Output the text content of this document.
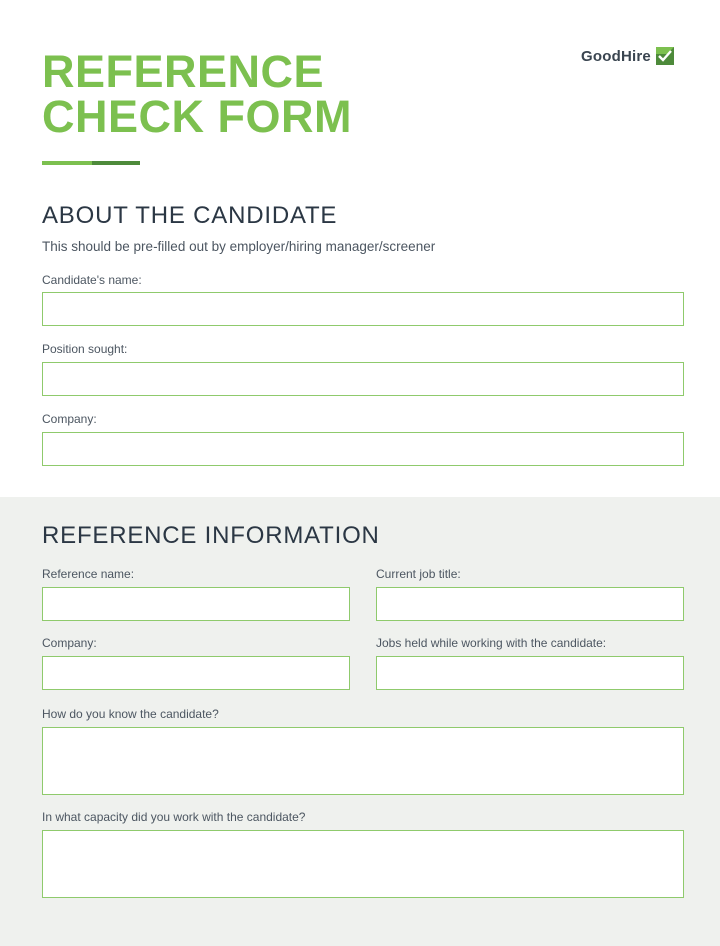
REFERENCE
CHECK FORM
GoodHire
ABOUT THE CANDIDATE
This should be pre-filled out by employer/hiring manager/screener
Candidate's name:
Position sought:
Company:
REFERENCE INFORMATION
Reference name:	Current job title:
Company:	Jobs held while working with the candidate:
How do you know the candidate?
In what capacity did you work with the candidate?
